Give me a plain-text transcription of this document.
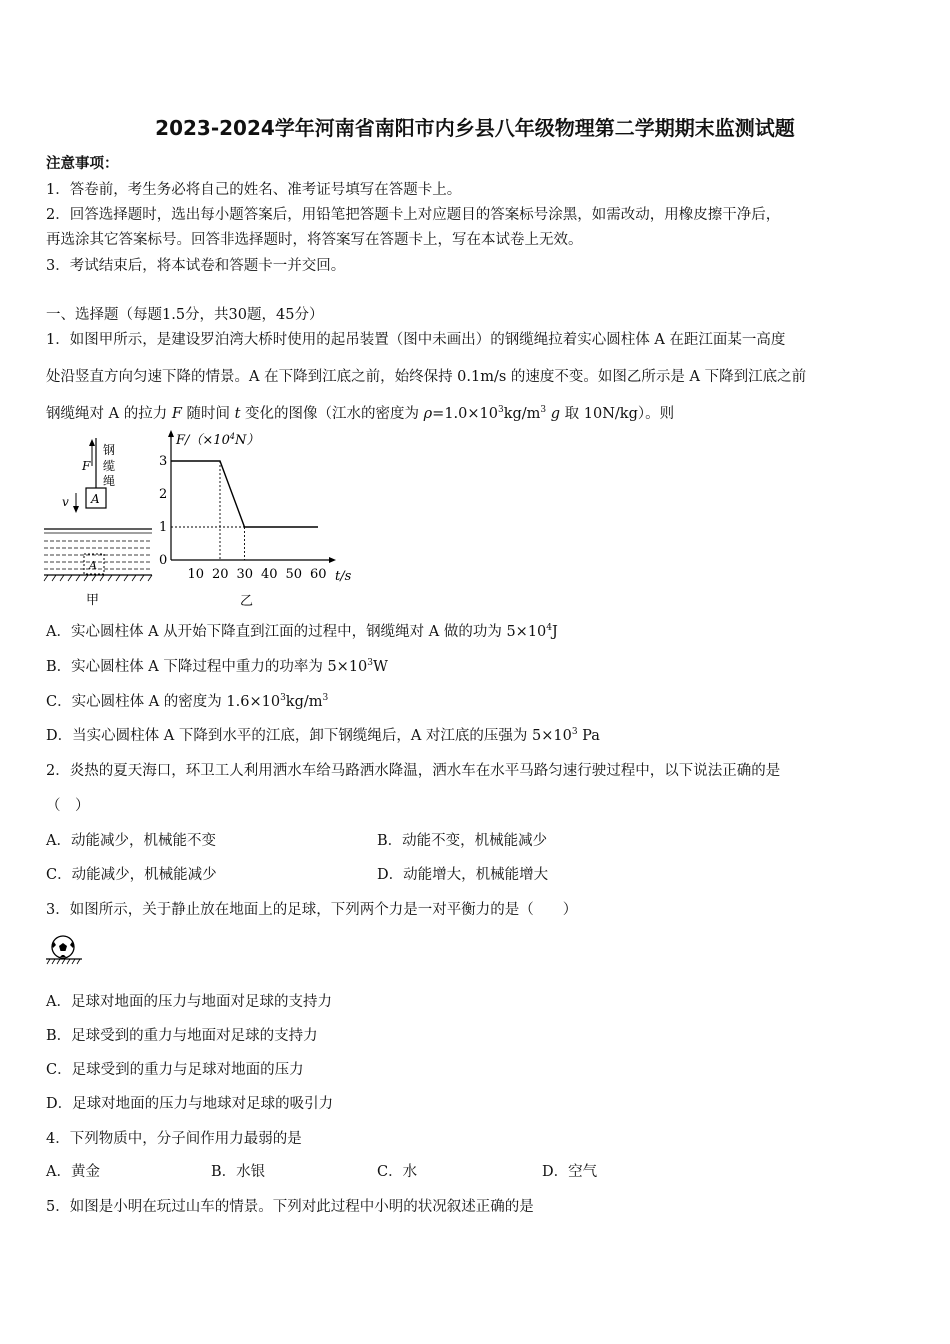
2023-2024学年河南省南阳市内乡县八年级物理第二学期期末监测试题
注意事项：
1．答卷前，考生务必将自己的姓名、准考证号填写在答题卡上。
2．回答选择题时，选出每小题答案后，用铅笔把答题卡上对应题目的答案标号涂黑，如需改动，用橡皮擦干净后，
再选涂其它答案标号。回答非选择题时，将答案写在答题卡上，写在本试卷上无效。
3．考试结束后，将本试卷和答题卡一并交回。
一、选择题（每题1.5分，共30题，45分）
1．如图甲所示，是建设罗泊湾大桥时使用的起吊装置（图中未画出）的钢缆绳拉着实心圆柱体 A 在距江面某一高度
处沿竖直方向匀速下降的情景。A 在下降到江底之前，始终保持 0.1m/s 的速度不变。如图乙所示是 A 下降到江底之前
钢缆绳对 A 的拉力 F 随时间 t 变化的图像（江水的密度为 $\rho=1.0\times 10^3kg/m^3$ g 取 10N/kg）。则
F
钢
缆
绳
A
v
A
甲
$F/(\times 10^4N)$
t/s
乙
0
1
2
3
10 20 30 40 50 60
A．实心圆柱体 A 从开始下降直到江面的过程中，钢缆绳对 A 做的功为 $5\times 10^4J$
B．实心圆柱体 A 下降过程中重力的功率为 $5\times 10^3W$
C．实心圆柱体 A 的密度为 $1.6\times 10^3kg/m^3$
D．当实心圆柱体 A 下降到水平的江底，卸下钢缆绳后，A 对江底的压强为 $5\times 10^3$ Pa
2．炎热的夏天海口，环卫工人利用洒水车给马路洒水降温，洒水车在水平马路匀速行驶过程中，以下说法正确的是
（　）
A．动能减少，机械能不变	B．动能不变，机械能减少
C．动能减少，机械能减少	D．动能增大，机械能增大
3．如图所示，关于静止放在地面上的足球，下列两个力是一对平衡力的是（　　）
A．足球对地面的压力与地面对足球的支持力
B．足球受到的重力与地面对足球的支持力
C．足球受到的重力与足球对地面的压力
D．足球对地面的压力与地球对足球的吸引力
4．下列物质中，分子间作用力最弱的是
A．黄金	B．水银	C．水	D．空气
5．如图是小明在玩过山车的情景。下列对此过程中小明的状况叙述正确的是
